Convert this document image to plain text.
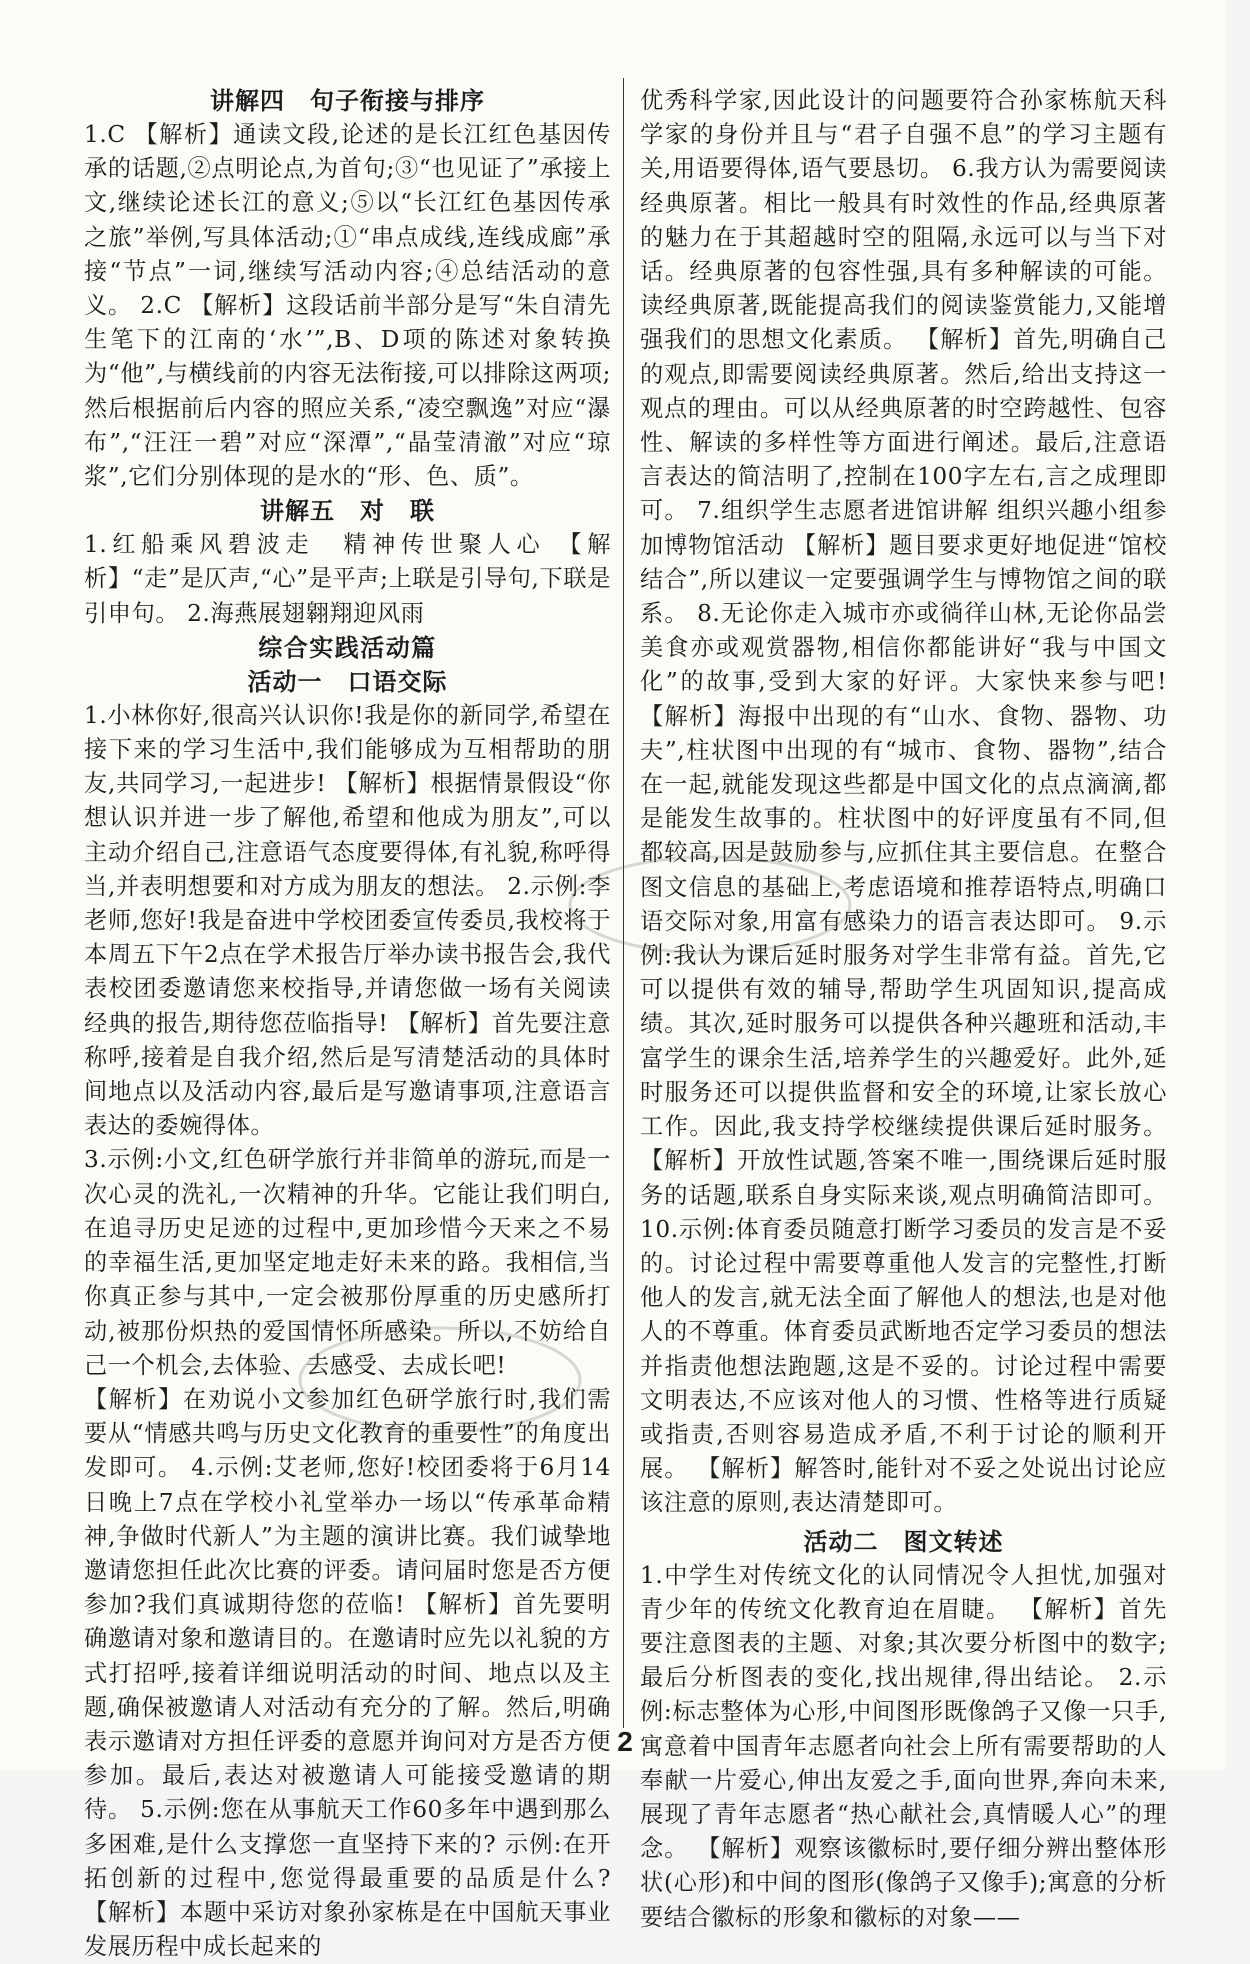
讲解四　句子衔接与排序

1.C 【解析】通读文段,论述的是长江红色基因传承的话题,②点明论点,为首句;③“也见证了”承接上文,继续论述长江的意义;⑤以“长江红色基因传承之旅”举例,写具体活动;①“串点成线,连线成廊”承接“节点”一词,继续写活动内容;④总结活动的意义。 2.C 【解析】这段话前半部分是写“朱自清先生笔下的江南的‘水’”,B、D项的陈述对象转换为“他”,与横线前的内容无法衔接,可以排除这两项;然后根据前后内容的照应关系,“凌空飘逸”对应“瀑布”,“汪汪一碧”对应“深潭”,“晶莹清澈”对应“琼浆”,它们分别体现的是水的“形、色、质”。

讲解五　对　联

1.红船乘风碧波走　精神传世聚人心 【解析】“走”是仄声,“心”是平声;上联是引导句,下联是引申句。 2.海燕展翅翱翔迎风雨

综合实践活动篇
活动一　口语交际

1.小林你好,很高兴认识你!我是你的新同学,希望在接下来的学习生活中,我们能够成为互相帮助的朋友,共同学习,一起进步! 【解析】根据情景假设“你想认识并进一步了解他,希望和他成为朋友”,可以主动介绍自己,注意语气态度要得体,有礼貌,称呼得当,并表明想要和对方成为朋友的想法。 2.示例:李老师,您好!我是奋进中学校团委宣传委员,我校将于本周五下午2点在学术报告厅举办读书报告会,我代表校团委邀请您来校指导,并请您做一场有关阅读经典的报告,期待您莅临指导! 【解析】首先要注意称呼,接着是自我介绍,然后是写清楚活动的具体时间地点以及活动内容,最后是写邀请事项,注意语言表达的委婉得体。

3.示例:小文,红色研学旅行并非简单的游玩,而是一次心灵的洗礼,一次精神的升华。它能让我们明白,在追寻历史足迹的过程中,更加珍惜今天来之不易的幸福生活,更加坚定地走好未来的路。我相信,当你真正参与其中,一定会被那份厚重的历史感所打动,被那份炽热的爱国情怀所感染。所以,不妨给自己一个机会,去体验、去感受、去成长吧!

【解析】在劝说小文参加红色研学旅行时,我们需要从“情感共鸣与历史文化教育的重要性”的角度出发即可。 4.示例:艾老师,您好!校团委将于6月14日晚上7点在学校小礼堂举办一场以“传承革命精神,争做时代新人”为主题的演讲比赛。我们诚挚地邀请您担任此次比赛的评委。请问届时您是否方便参加?我们真诚期待您的莅临! 【解析】首先要明确邀请对象和邀请目的。在邀请时应先以礼貌的方式打招呼,接着详细说明活动的时间、地点以及主题,确保被邀请人对活动有充分的了解。然后,明确表示邀请对方担任评委的意愿并询问对方是否方便参加。最后,表达对被邀请人可能接受邀请的期待。 5.示例:您在从事航天工作60多年中遇到那么多困难,是什么支撑您一直坚持下来的? 示例:在开拓创新的过程中,您觉得最重要的品质是什么? 【解析】本题中采访对象孙家栋是在中国航天事业发展历程中成长起来的

优秀科学家,因此设计的问题要符合孙家栋航天科学家的身份并且与“君子自强不息”的学习主题有关,用语要得体,语气要恳切。 6.我方认为需要阅读经典原著。相比一般具有时效性的作品,经典原著的魅力在于其超越时空的阻隔,永远可以与当下对话。经典原著的包容性强,具有多种解读的可能。读经典原著,既能提高我们的阅读鉴赏能力,又能增强我们的思想文化素质。 【解析】首先,明确自己的观点,即需要阅读经典原著。然后,给出支持这一观点的理由。可以从经典原著的时空跨越性、包容性、解读的多样性等方面进行阐述。最后,注意语言表达的简洁明了,控制在100字左右,言之成理即可。 7.组织学生志愿者进馆讲解 组织兴趣小组参加博物馆活动 【解析】题目要求更好地促进“馆校结合”,所以建议一定要强调学生与博物馆之间的联系。 8.无论你走入城市亦或徜徉山林,无论你品尝美食亦或观赏器物,相信你都能讲好“我与中国文化”的故事,受到大家的好评。大家快来参与吧! 【解析】海报中出现的有“山水、食物、器物、功夫”,柱状图中出现的有“城市、食物、器物”,结合在一起,就能发现这些都是中国文化的点点滴滴,都是能发生故事的。柱状图中的好评度虽有不同,但都较高,因是鼓励参与,应抓住其主要信息。在整合图文信息的基础上,考虑语境和推荐语特点,明确口语交际对象,用富有感染力的语言表达即可。 9.示例:我认为课后延时服务对学生非常有益。首先,它可以提供有效的辅导,帮助学生巩固知识,提高成绩。其次,延时服务可以提供各种兴趣班和活动,丰富学生的课余生活,培养学生的兴趣爱好。此外,延时服务还可以提供监督和安全的环境,让家长放心工作。因此,我支持学校继续提供课后延时服务。 【解析】开放性试题,答案不唯一,围绕课后延时服务的话题,联系自身实际来谈,观点明确简洁即可。 10.示例:体育委员随意打断学习委员的发言是不妥的。讨论过程中需要尊重他人发言的完整性,打断他人的发言,就无法全面了解他人的想法,也是对他人的不尊重。体育委员武断地否定学习委员的想法并指责他想法跑题,这是不妥的。讨论过程中需要文明表达,不应该对他人的习惯、性格等进行质疑或指责,否则容易造成矛盾,不利于讨论的顺利开展。 【解析】解答时,能针对不妥之处说出讨论应该注意的原则,表达清楚即可。

活动二　图文转述

1.中学生对传统文化的认同情况令人担忧,加强对青少年的传统文化教育迫在眉睫。 【解析】首先要注意图表的主题、对象;其次要分析图中的数字;最后分析图表的变化,找出规律,得出结论。 2.示例:标志整体为心形,中间图形既像鸽子又像一只手,寓意着中国青年志愿者向社会上所有需要帮助的人奉献一片爱心,伸出友爱之手,面向世界,奔向未来,展现了青年志愿者“热心献社会,真情暖人心”的理念。 【解析】观察该徽标时,要仔细分辨出整体形状(心形)和中间的图形(像鸽子又像手);寓意的分析要结合徽标的形象和徽标的对象——

2
